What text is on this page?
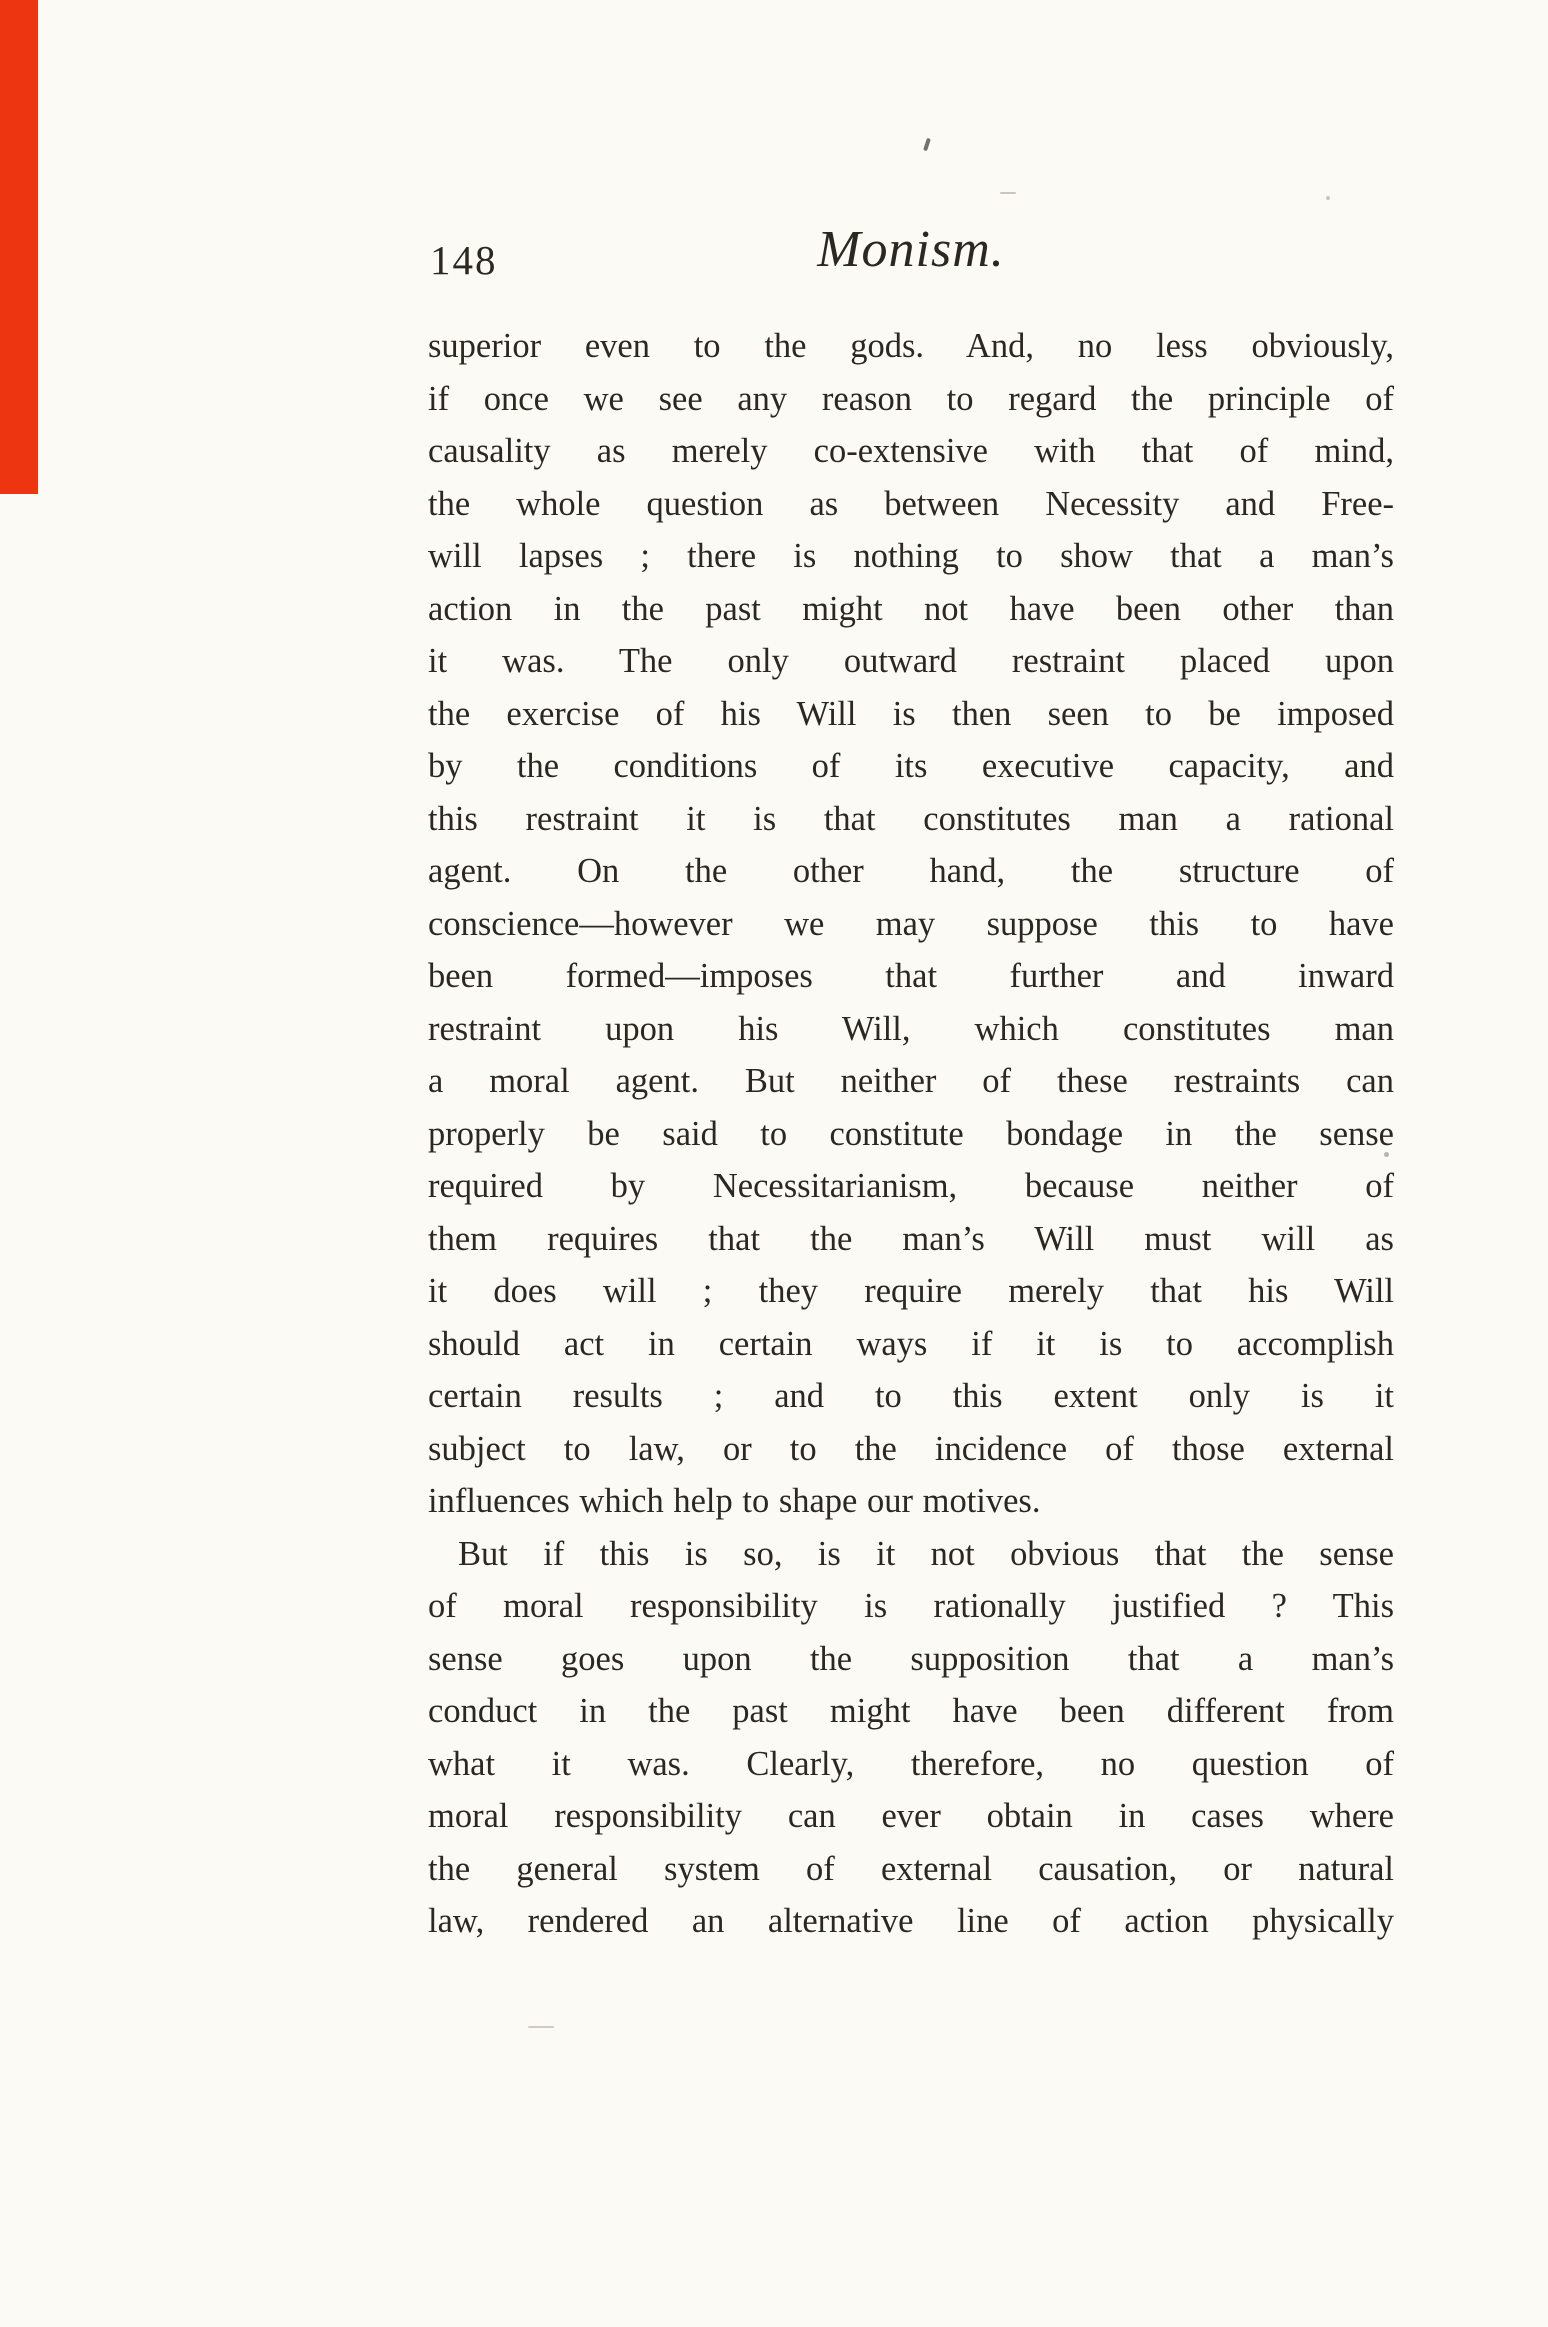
148	Monism.
superior even to the gods. And, no less obviously,
if once we see any reason to regard the principle of
causality as merely co-extensive with that of mind,
the whole question as between Necessity and Free-
will lapses ; there is nothing to show that a man’s
action in the past might not have been other than
it was. The only outward restraint placed upon
the exercise of his Will is then seen to be imposed
by the conditions of its executive capacity, and
this restraint it is that constitutes man a rational
agent. On the other hand, the structure of
conscience—however we may suppose this to have
been formed—imposes that further and inward
restraint upon his Will, which constitutes man
a moral agent. But neither of these restraints can
properly be said to constitute bondage in the sense
required by Necessitarianism, because neither of
them requires that the man’s Will must will as
it does will ; they require merely that his Will
should act in certain ways if it is to accomplish
certain results ; and to this extent only is it
subject to law, or to the incidence of those external
influences which help to shape our motives.
But if this is so, is it not obvious that the sense
of moral responsibility is rationally justified ? This
sense goes upon the supposition that a man’s
conduct in the past might have been different from
what it was. Clearly, therefore, no question of
moral responsibility can ever obtain in cases where
the general system of external causation, or natural
law, rendered an alternative line of action physically
